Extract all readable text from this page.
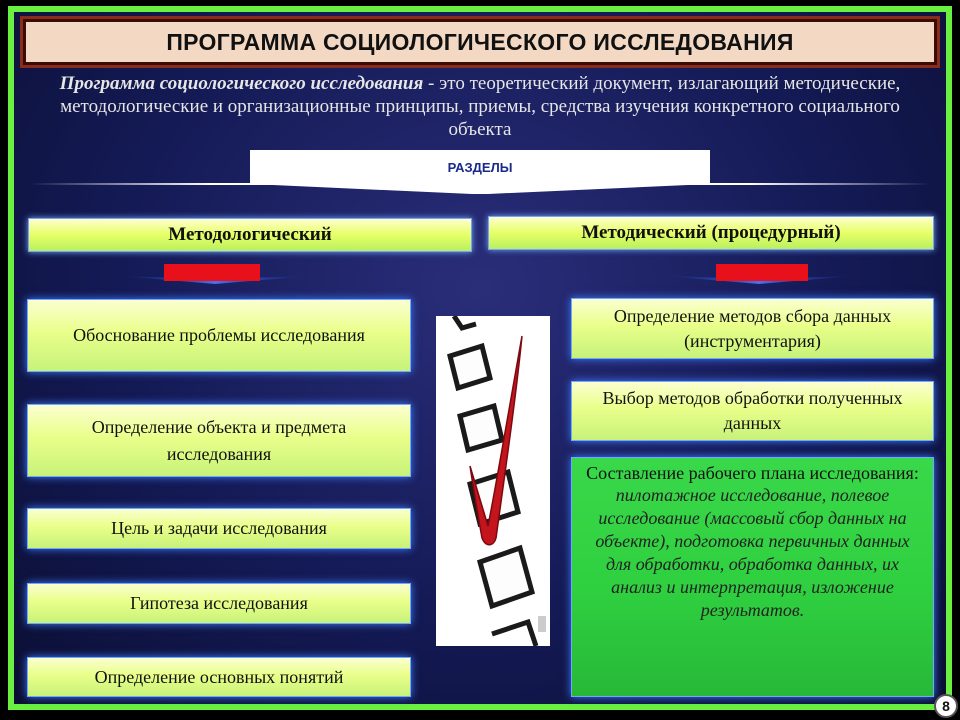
ПРОГРАММА СОЦИОЛОГИЧЕСКОГО ИССЛЕДОВАНИЯ
Программа социологического исследования - это теоретический документ, излагающий методические, методологические и организационные принципы, приемы, средства изучения конкретного социального объекта
РАЗДЕЛЫ
Методологический	Методический (процедурный)
Обоснование проблемы исследования
Определение объекта и предмета исследования
Цель и задачи исследования
Гипотеза исследования
Определение основных понятий
Определение методов сбора данных (инструментария)
Выбор методов обработки полученных данных
Составление рабочего плана исследования:
пилотажное исследование, полевое исследование (массовый сбор данных на объекте), подготовка первичных данных для обработки, обработка данных, их анализ и интерпретация, изложение результатов.
8
